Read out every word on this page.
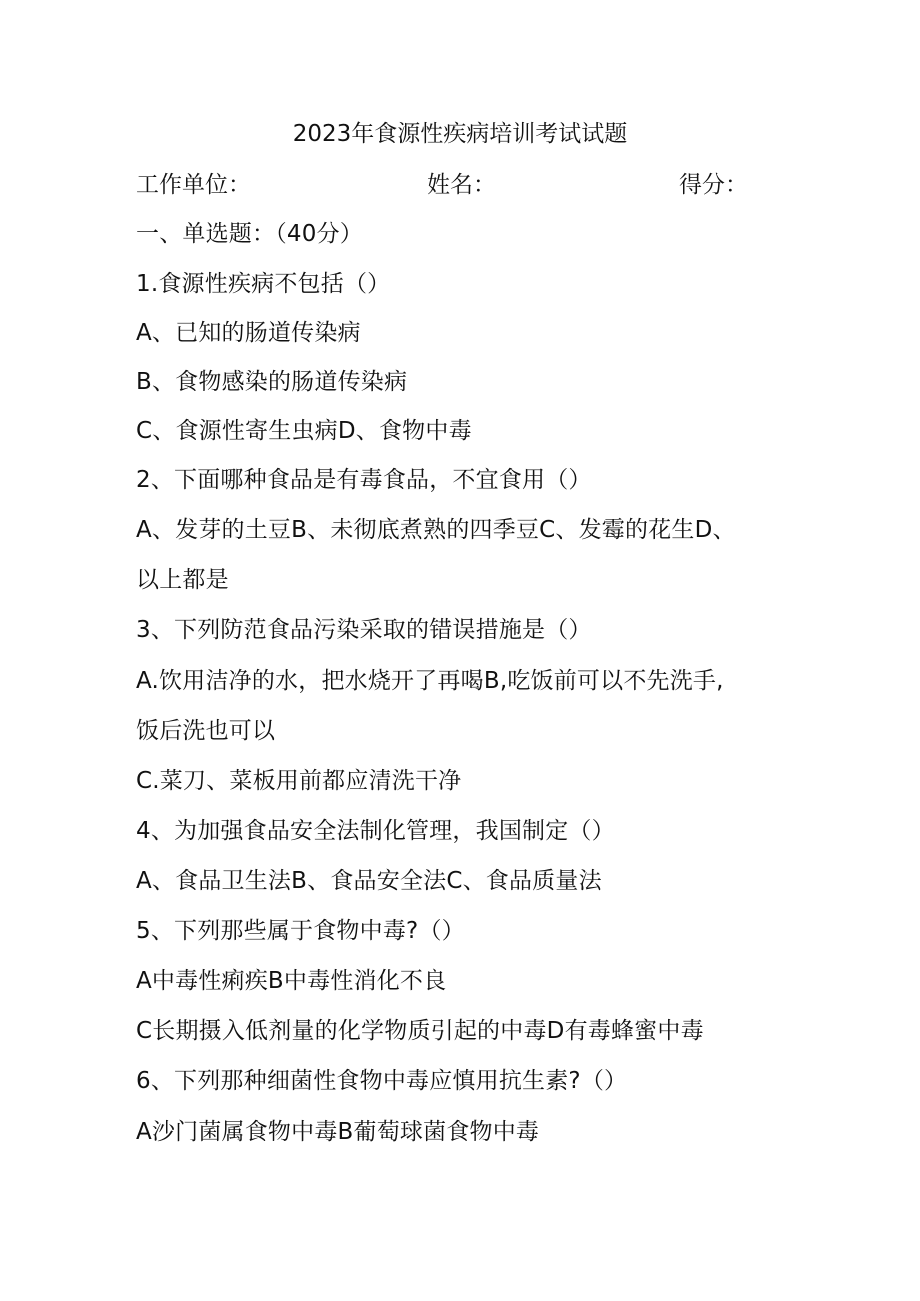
2023年食源性疾病培训考试试题
工作单位：	姓名：	得分：
一、单选题：（40分）
1.食源性疾病不包括（）
A、已知的肠道传染病
B、食物感染的肠道传染病
C、食源性寄生虫病D、食物中毒
2、下面哪种食品是有毒食品，不宜食用（）
A、发芽的土豆B、未彻底煮熟的四季豆C、发霉的花生D、
以上都是
3、下列防范食品污染采取的错误措施是（）
A.饮用洁净的水，把水烧开了再喝B,吃饭前可以不先洗手,
饭后洗也可以
C.菜刀、菜板用前都应清洗干净
4、为加强食品安全法制化管理，我国制定（）
A、食品卫生法B、食品安全法C、食品质量法
5、下列那些属于食物中毒?（）
A中毒性痢疾B中毒性消化不良
C长期摄入低剂量的化学物质引起的中毒D有毒蜂蜜中毒
6、下列那种细菌性食物中毒应慎用抗生素?（）
A沙门菌属食物中毒B葡萄球菌食物中毒
